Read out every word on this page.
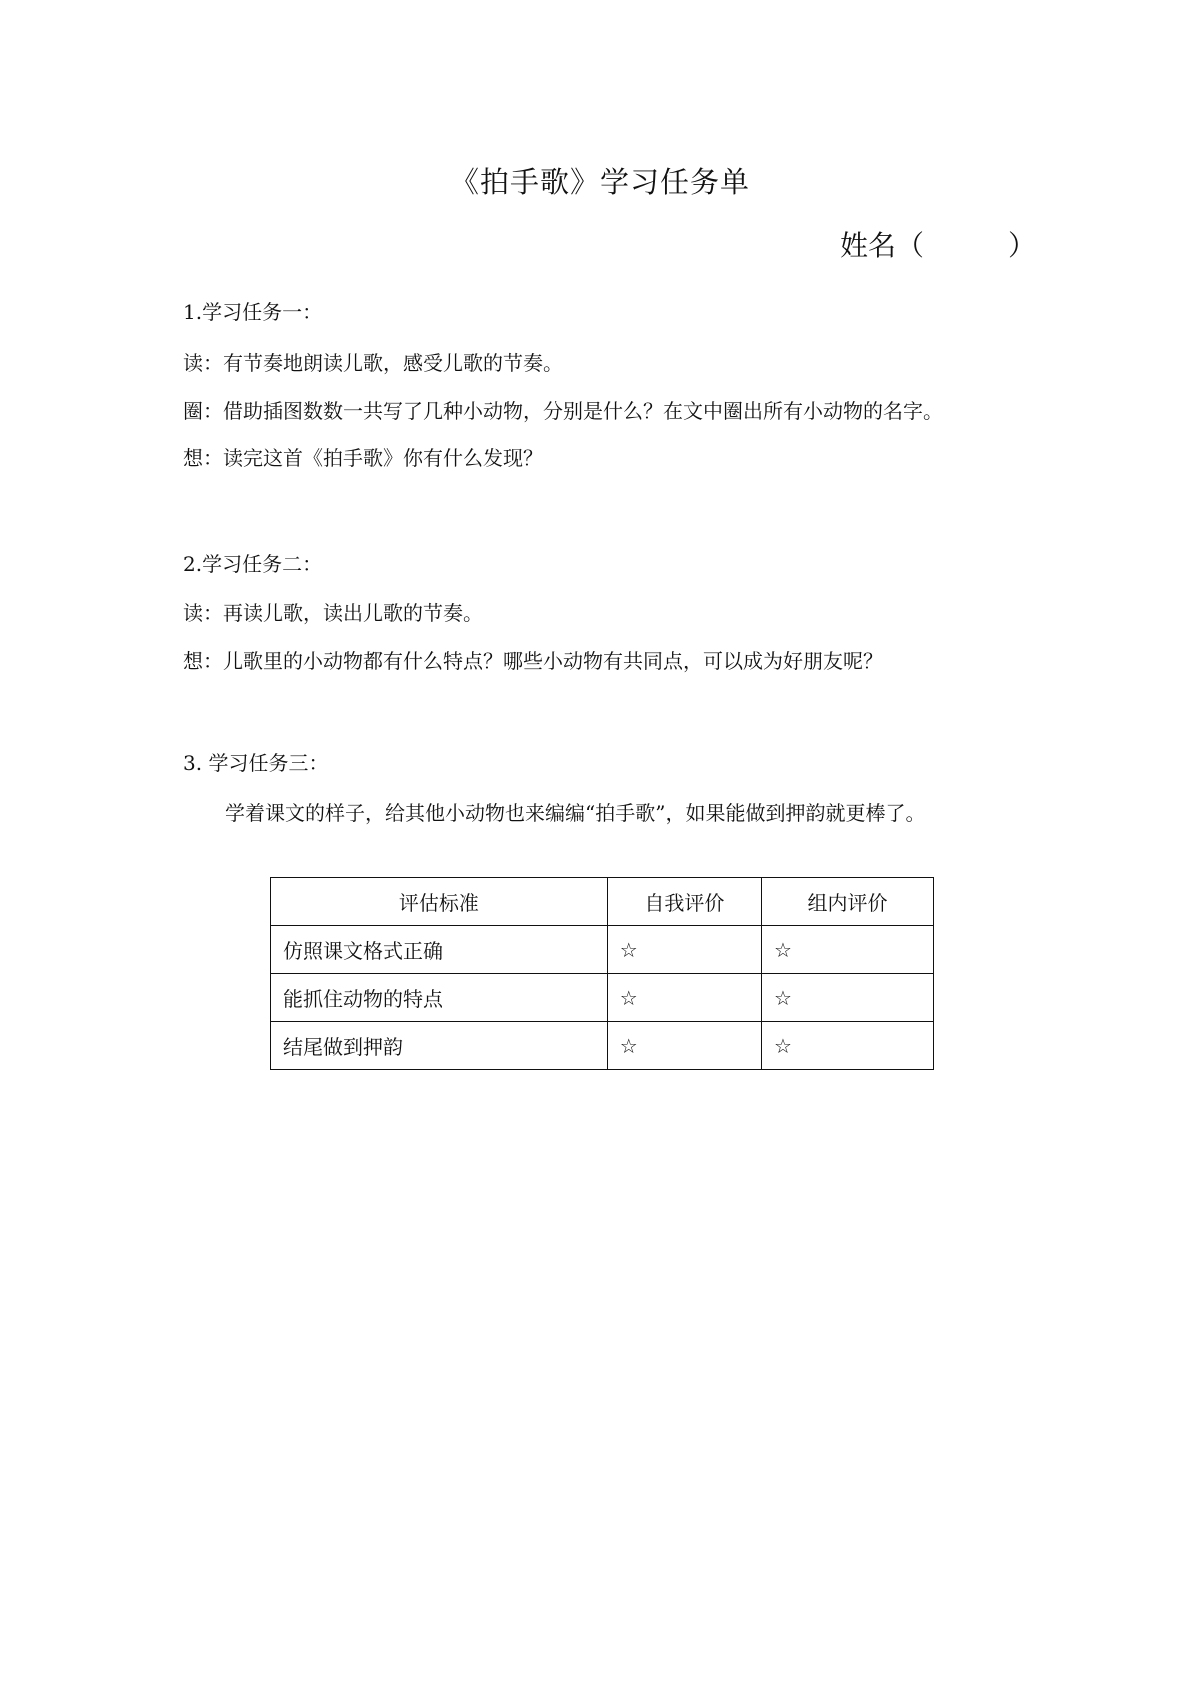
《拍手歌》学习任务单
姓名（　　　）
1.学习任务一：
读：有节奏地朗读儿歌，感受儿歌的节奏。
圈：借助插图数数一共写了几种小动物，分别是什么？在文中圈出所有小动物的名字。
想：读完这首《拍手歌》你有什么发现？
2.学习任务二：
读：再读儿歌，读出儿歌的节奏。
想：儿歌里的小动物都有什么特点？哪些小动物有共同点，可以成为好朋友呢？
3. 学习任务三：
学着课文的样子，给其他小动物也来编编“拍手歌”，如果能做到押韵就更棒了。
评估标准	自我评价	组内评价
仿照课文格式正确	☆	☆
能抓住动物的特点	☆	☆
结尾做到押韵	☆	☆
